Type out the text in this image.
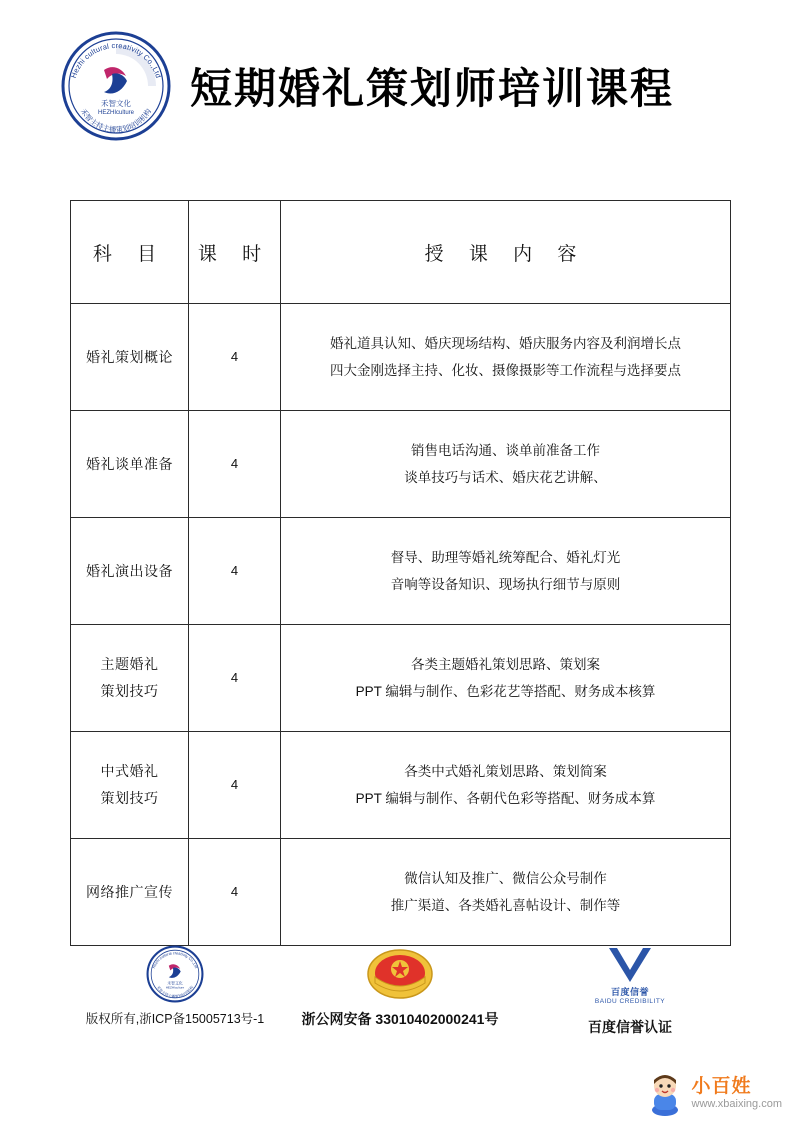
Hezhi cultural creativity Co.,Ltd
禾智主持主播策划培训机构
禾智文化
HEZHIculture 短期婚礼策划师培训课程
科 目	课 时	授 课 内 容

婚礼策划概论	4	婚礼道具认知、婚庆现场结构、婚庆服务内容及利润增长点
四大金刚选择主持、化妆、摄像摄影等工作流程与选择要点

婚礼谈单准备	4	销售电话沟通、谈单前准备工作
谈单技巧与话术、婚庆花艺讲解、

婚礼演出设备	4	督导、助理等婚礼统筹配合、婚礼灯光
音响等设备知识、现场执行细节与原则

主题婚礼
策划技巧	4	各类主题婚礼策划思路、策划案
PPT 编辑与制作、色彩花艺等搭配、财务成本核算

中式婚礼
策划技巧	4	各类中式婚礼策划思路、策划简案
PPT 编辑与制作、各朝代色彩等搭配、财务成本算

网络推广宣传	4	微信认知及推广、微信公众号制作
推广渠道、各类婚礼喜帖设计、制作等
Hezhi cultural creativity Co.,Ltd
禾智主持主播策划培训机构
禾智文化
HEZHIculture
版权所有,浙ICP备15005713号-1	浙公网安备 33010402000241号
百度信誉
BAIDU CREDIBILITY
百度信誉认证
小百姓
www.xbaixing.com
